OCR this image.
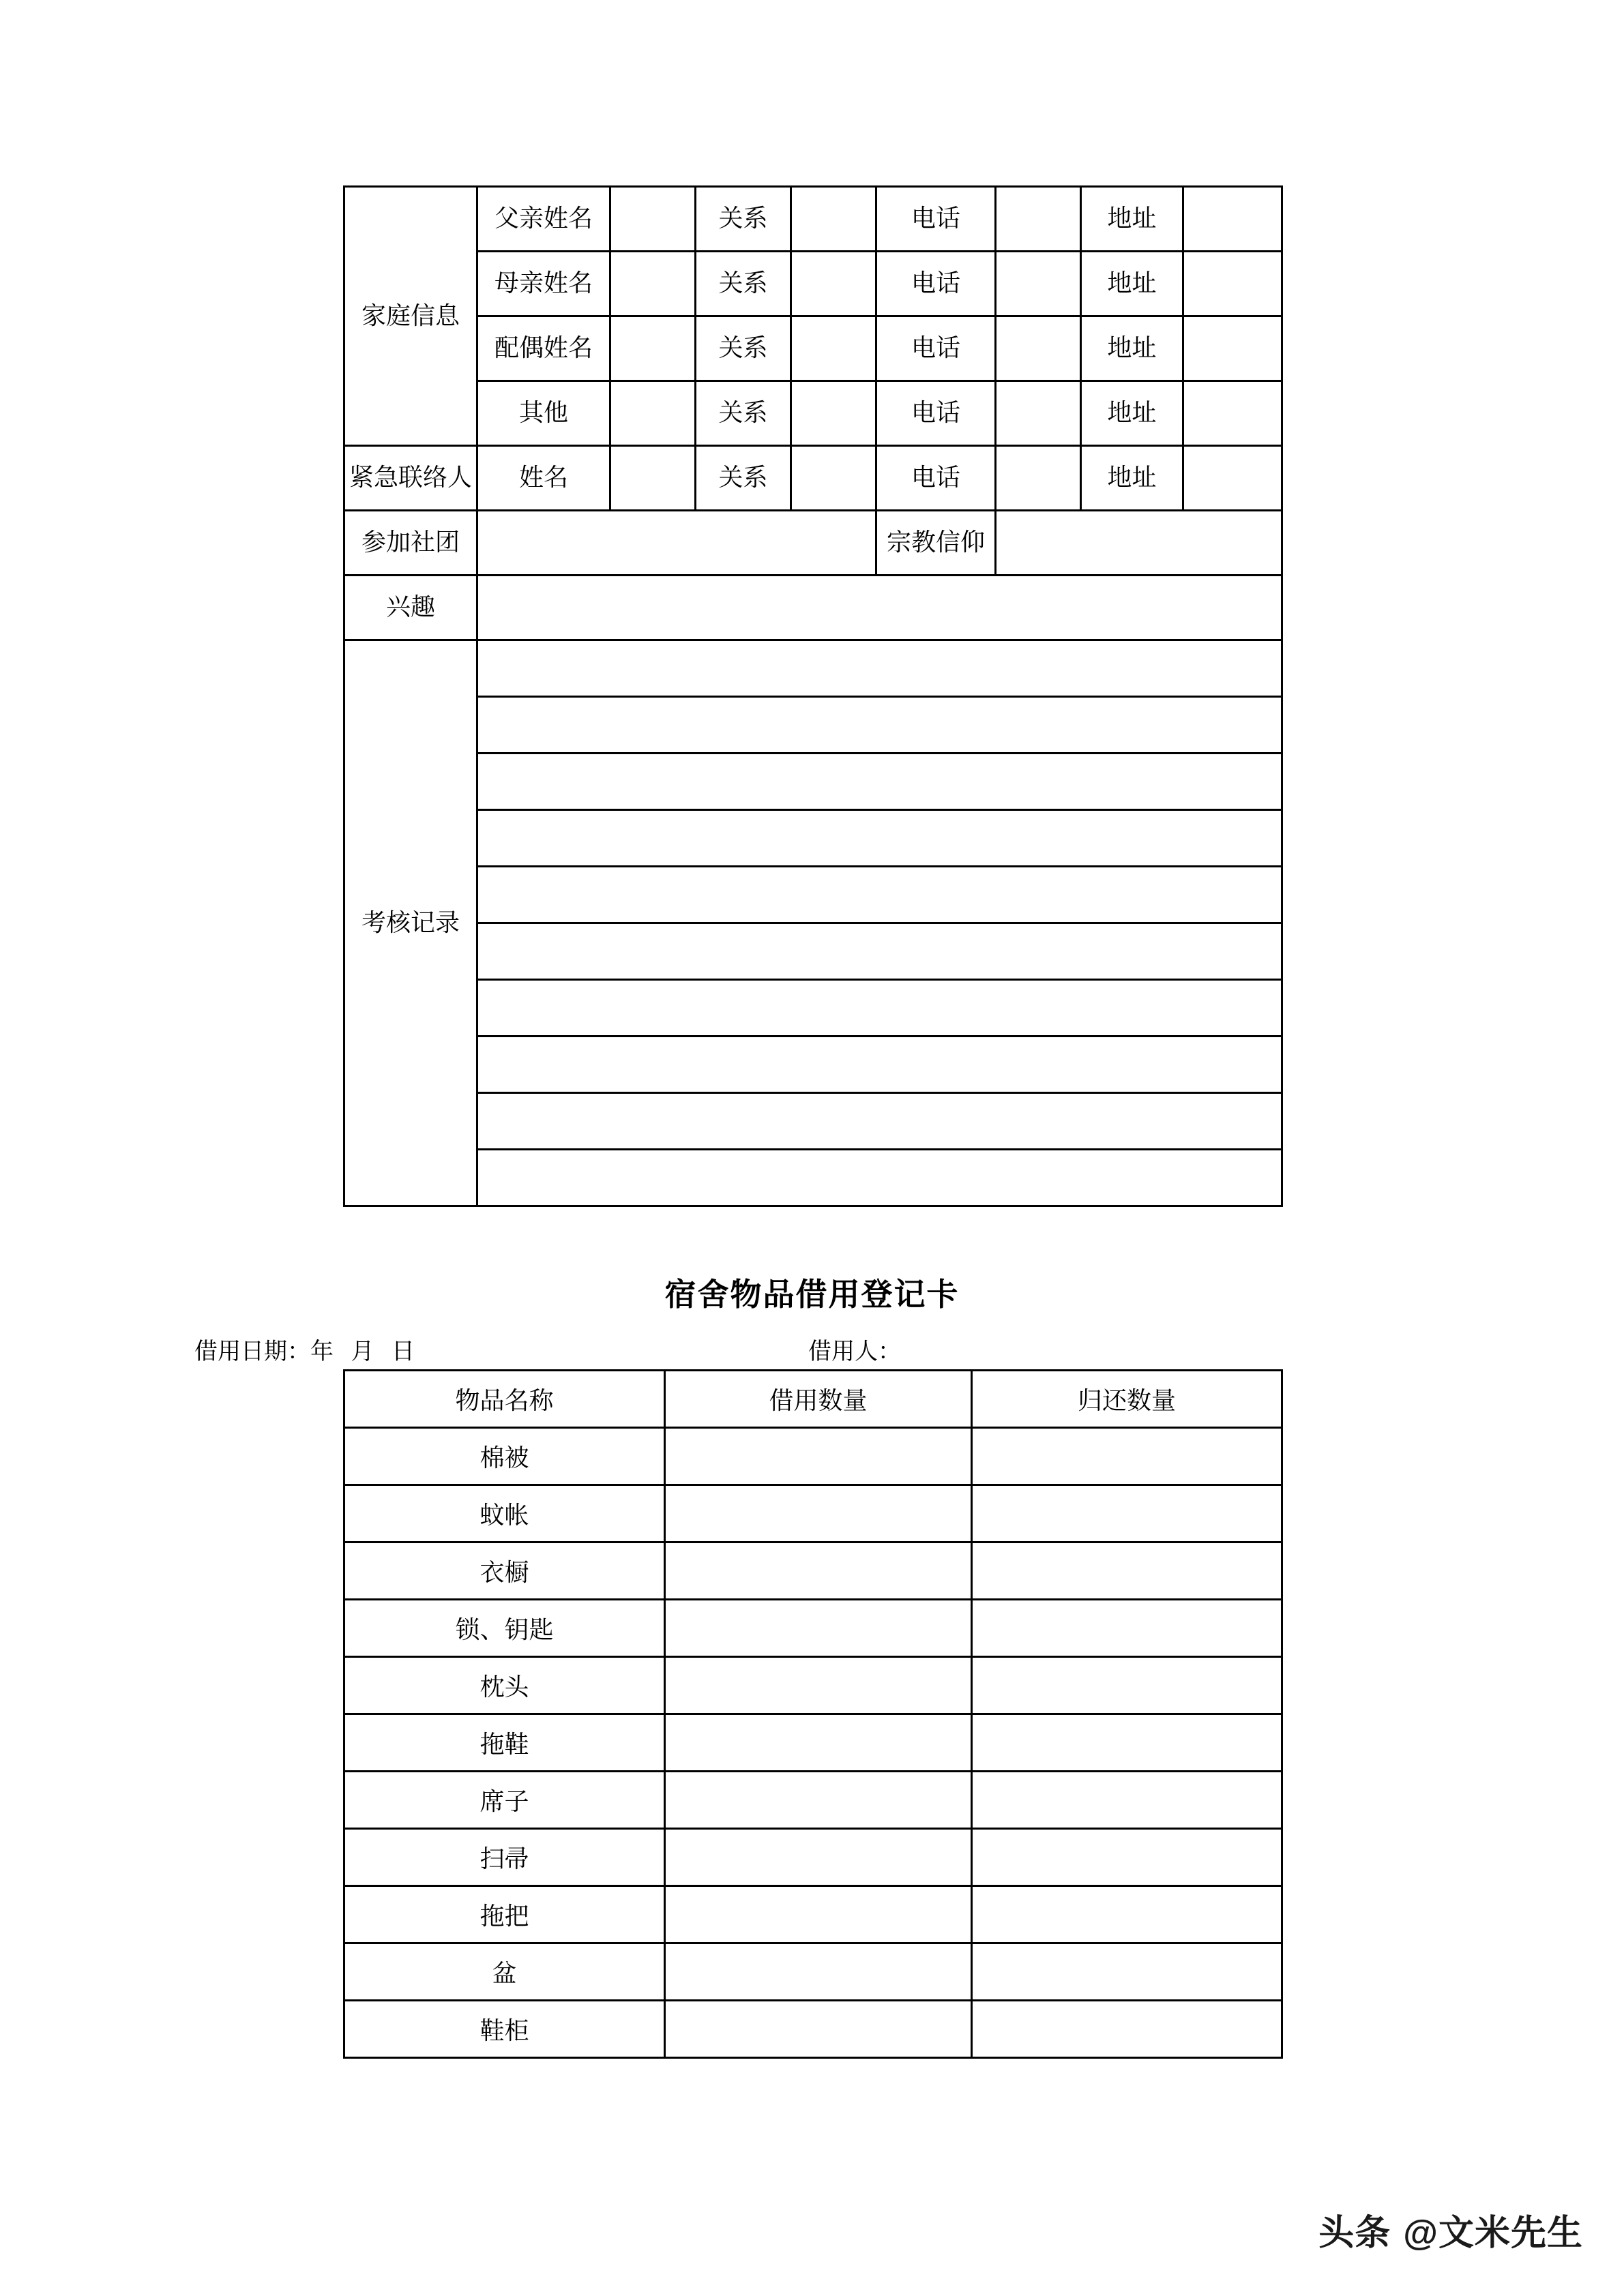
家庭信息	父亲姓名		关系		电话		地址	
	母亲姓名		关系		电话		地址	
	配偶姓名		关系		电话		地址	
	其他		关系		电话		地址	
紧急联络人	姓名		关系		电话		地址	
参加社团					宗教信仰			
兴趣								
考核记录								

宿舍物品借用登记卡
借用日期：年   月   日	借用人：
物品名称	借用数量	归还数量
棉被		
蚊帐		
衣橱		
锁、钥匙		
枕头		
拖鞋		
席子		
扫帚		
拖把		
盆		
鞋柜		
头条 @文米先生
